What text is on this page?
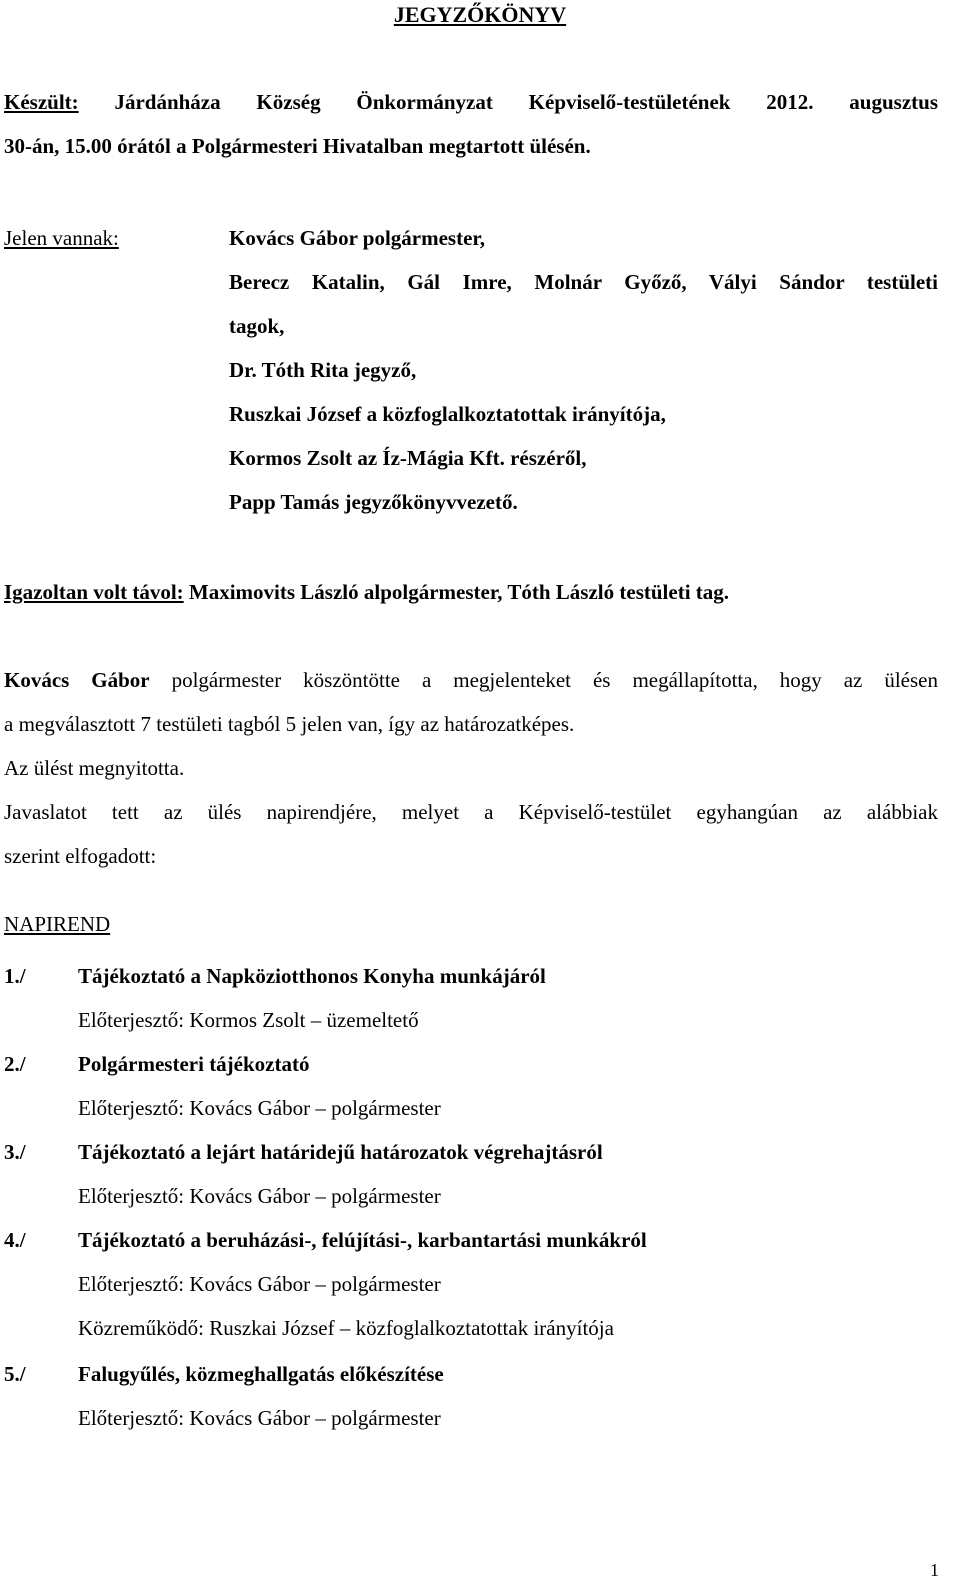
JEGYZŐKÖNYV
Készült: Járdánháza Község Önkormányzat Képviselő-testületének 2012. augusztus
30-án, 15.00 órától a Polgármesteri Hivatalban megtartott ülésén.
Jelen vannak:	Kovács Gábor polgármester,
Berecz Katalin, Gál Imre, Molnár Győző, Vályi Sándor testületi
tagok,
Dr. Tóth Rita jegyző,
Ruszkai József a közfoglalkoztatottak irányítója,
Kormos Zsolt az Íz-Mágia Kft. részéről,
Papp Tamás jegyzőkönyvvezető.
Igazoltan volt távol: Maximovits László alpolgármester, Tóth László testületi tag.
Kovács Gábor polgármester köszöntötte a megjelenteket és megállapította, hogy az ülésen
a megválasztott 7 testületi tagból 5 jelen van, így az határozatképes.
Az ülést megnyitotta.
Javaslatot tett az ülés napirendjére, melyet a Képviselő-testület egyhangúan az alábbiak
szerint elfogadott:
NAPIREND
1./ Tájékoztató a Napköziotthonos Konyha munkájáról
Előterjesztő: Kormos Zsolt – üzemeltető
2./ Polgármesteri tájékoztató
Előterjesztő: Kovács Gábor – polgármester
3./ Tájékoztató a lejárt határidejű határozatok végrehajtásról
Előterjesztő: Kovács Gábor – polgármester
4./ Tájékoztató a beruházási-, felújítási-, karbantartási munkákról
Előterjesztő: Kovács Gábor – polgármester
Közreműködő: Ruszkai József – közfoglalkoztatottak irányítója
5./ Falugyűlés, közmeghallgatás előkészítése
Előterjesztő: Kovács Gábor – polgármester
1
